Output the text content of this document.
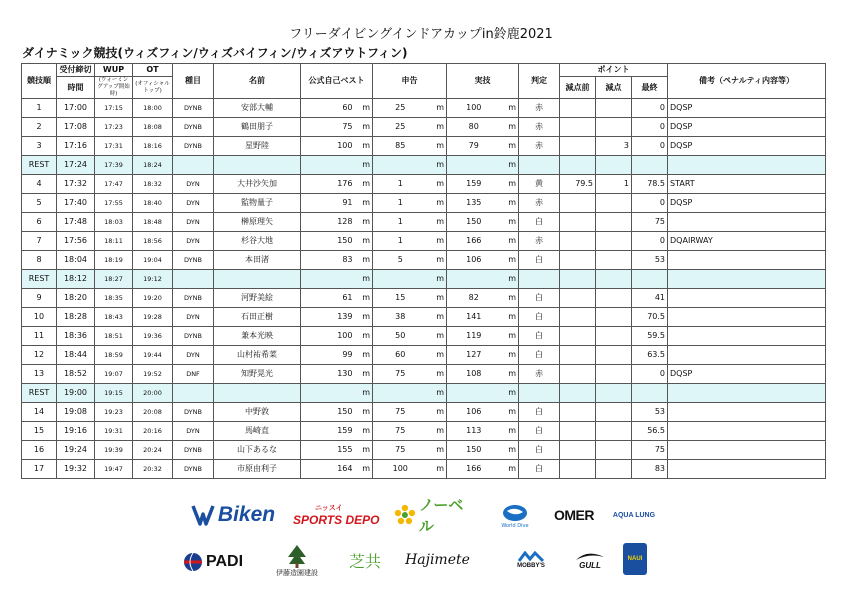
フリーダイビングインドアカップin鈴鹿2021
ダイナミック競技(ウィズフィン/ウィズバイフィン/ウィズアウトフィン)
競技順	受付締切	WUP	OT	種目	名前	公式自己ベスト		申告		実技		判定	ポイント			備考（ペナルティ内容等）
	時間	(ウォーミングアップ開始時)	(オフィシャルトップ)										減点前	減点	最終	
1	17:00	17:15	18:00	DYNB	安部大輔	60	m	25	m	100	m	赤			0	DQSP
2	17:08	17:23	18:08	DYNB	鶴田朋子	75	m	25	m	80	m	赤			0	DQSP
3	17:16	17:31	18:16	DYNB	星野陸	100	m	85	m	79	m	赤		3	0	DQSP
REST	17:24	17:39	18:24				m		m		m					
4	17:32	17:47	18:32	DYN	大井沙矢加	176	m	1	m	159	m	黄	79.5	1	78.5	START
5	17:40	17:55	18:40	DYN	監物量子	91	m	1	m	135	m	赤			0	DQSP
6	17:48	18:03	18:48	DYN	榊原理矢	128	m	1	m	150	m	白			75	
7	17:56	18:11	18:56	DYN	杉谷大地	150	m	1	m	166	m	赤			0	DQAIRWAY
8	18:04	18:19	19:04	DYNB	本田渚	83	m	5	m	106	m	白			53	
REST	18:12	18:27	19:12				m		m		m					
9	18:20	18:35	19:20	DYNB	河野美絵	61	m	15	m	82	m	白			41	
10	18:28	18:43	19:28	DYN	石田正樹	139	m	38	m	141	m	白			70.5	
11	18:36	18:51	19:36	DYNB	兼本光映	100	m	50	m	119	m	白			59.5	
12	18:44	18:59	19:44	DYN	山村祐希菜	99	m	60	m	127	m	白			63.5	
13	18:52	19:07	19:52	DNF	知野晃光	130	m	75	m	108	m	赤			0	DQSP
REST	19:00	19:15	20:00				m		m		m					
14	19:08	19:23	20:08	DYNB	中野敦	150	m	75	m	106	m	白			53	
15	19:16	19:31	20:16	DYN	馬崎直	159	m	75	m	113	m	白			56.5	
16	19:24	19:39	20:24	DYNB	山下あるな	155	m	75	m	150	m	白			75	
17	19:32	19:47	20:32	DYNB	市原由利子	164	m	100	m	166	m	白			83	
Biken	ニッスイ
SPORTS DEPO
ノーベル	World Dive
OMER	AQUA LUNG
PADI
伊藤造園建設
芝共 Hajimete	MOBBY'S	GULL
NAUI
